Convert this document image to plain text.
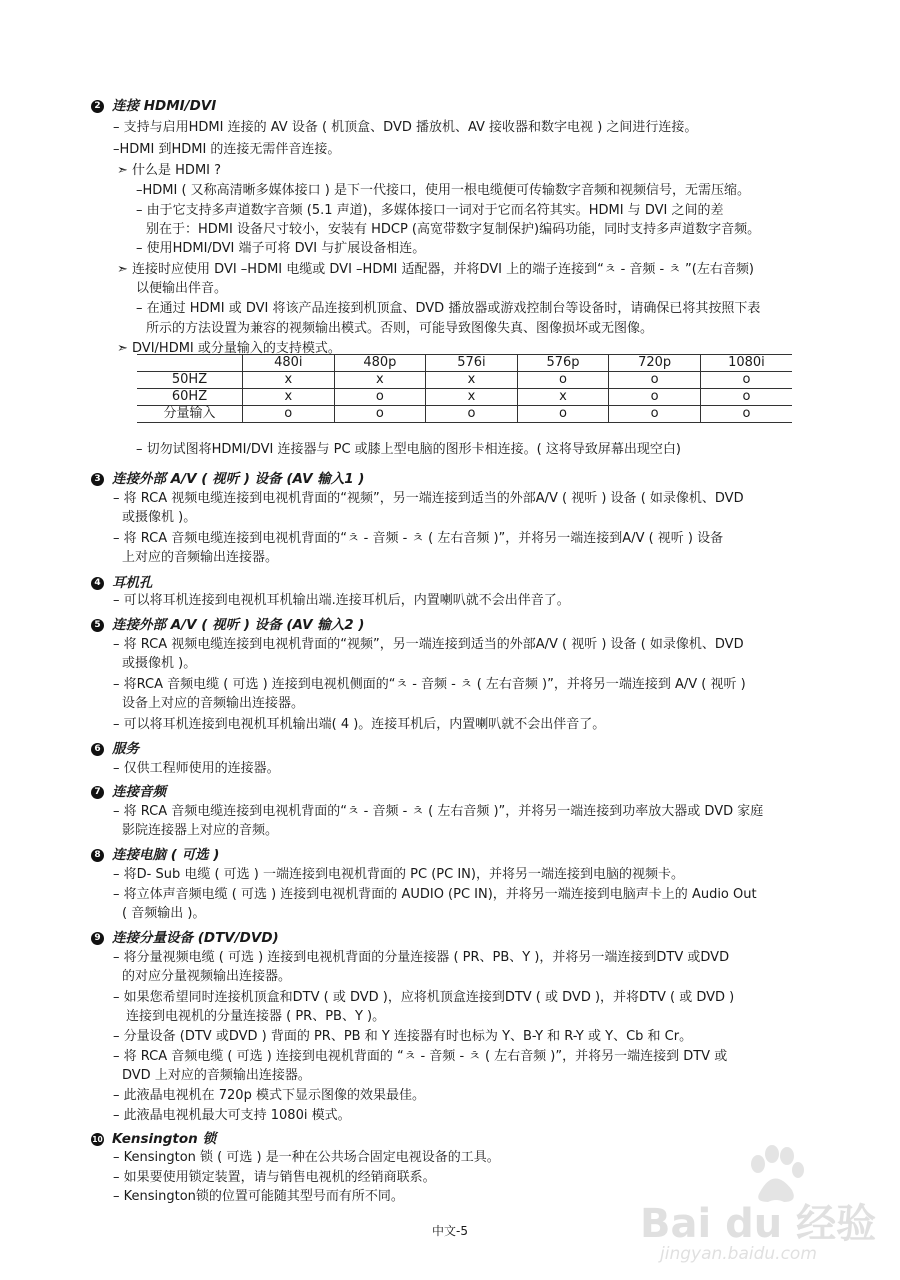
2 连接 HDMI/DVI
– 支持与启用HDMI 连接的 AV 设备 ( 机顶盒、DVD 播放机、AV 接收器和数字电视 ) 之间进行连接。
–HDMI 到HDMI 的连接无需伴音连接。
➣ 什么是 HDMI ?
–HDMI ( 又称高清晰多媒体接口 ) 是下一代接口，使用一根电缆便可传输数字音频和视频信号，无需压缩。
– 由于它支持多声道数字音频 (5.1 声道)，多媒体接口一词对于它而名符其实。HDMI 与 DVI 之间的差
别在于：HDMI 设备尺寸较小，安装有 HDCP (高宽带数字复制保护)编码功能，同时支持多声道数字音频。
– 使用HDMI/DVI 端子可将 DVI 与扩展设备相连。
➣ 连接时应使用 DVI –HDMI 电缆或 DVI –HDMI 适配器，并将DVI 上的端子连接到“ㅊ - 音频 - ㅊ ”(左右音频)
以便输出伴音。
– 在通过 HDMI 或 DVI 将该产品连接到机顶盒、DVD 播放器或游戏控制台等设备时，请确保已将其按照下表
所示的方法设置为兼容的视频输出模式。否则，可能导致图像失真、图像损坏或无图像。
➣ DVI/HDMI 或分量输入的支持模式。
– 切勿试图将HDMI/DVI 连接器与 PC 或膝上型电脑的图形卡相连接。( 这将导致屏幕出现空白)
3 连接外部 A/V ( 视听 ) 设备 (AV 输入1 )
– 将 RCA 视频电缆连接到电视机背面的“视频”，另一端连接到适当的外部A/V ( 视听 ) 设备 ( 如录像机、DVD
或摄像机 )。
– 将 RCA 音频电缆连接到电视机背面的“ㅊ - 音频 - ㅊ ( 左右音频 )”，并将另一端连接到A/V ( 视听 ) 设备
上对应的音频输出连接器。
4 耳机孔
– 可以将耳机连接到电视机耳机输出端.连接耳机后，内置喇叭就不会出伴音了。
5 连接外部 A/V ( 视听 ) 设备 (AV 输入2 )
– 将 RCA 视频电缆连接到电视机背面的“视频”，另一端连接到适当的外部A/V ( 视听 ) 设备 ( 如录像机、DVD
或摄像机 )。
– 将RCA 音频电缆 ( 可选 ) 连接到电视机侧面的“ㅊ - 音频 - ㅊ ( 左右音频 )”，并将另一端连接到 A/V ( 视听 )
设备上对应的音频输出连接器。
– 可以将耳机连接到电视机耳机输出端( 4 )。连接耳机后，内置喇叭就不会出伴音了。
6 服务
– 仅供工程师使用的连接器。
7 连接音频
– 将 RCA 音频电缆连接到电视机背面的“ㅊ - 音频 - ㅊ ( 左右音频 )”，并将另一端连接到功率放大器或 DVD 家庭
影院连接器上对应的音频。
8 连接电脑 ( 可选 )
– 将D- Sub 电缆 ( 可选 ) 一端连接到电视机背面的 PC (PC IN)，并将另一端连接到电脑的视频卡。
– 将立体声音频电缆 ( 可选 ) 连接到电视机背面的 AUDIO (PC IN)，并将另一端连接到电脑声卡上的 Audio Out
( 音频输出 )。
9 连接分量设备 (DTV/DVD)
– 将分量视频电缆 ( 可选 ) 连接到电视机背面的分量连接器 ( PR、PB、Y )，并将另一端连接到DTV 或DVD
的对应分量视频输出连接器。
– 如果您希望同时连接机顶盒和DTV ( 或 DVD )，应将机顶盒连接到DTV ( 或 DVD )，并将DTV ( 或 DVD )
连接到电视机的分量连接器 ( PR、PB、Y )。
– 分量设备 (DTV 或DVD ) 背面的 PR、PB 和 Y 连接器有时也标为 Y、B-Y 和 R-Y 或 Y、Cb 和 Cr。
– 将 RCA 音频电缆 ( 可选 ) 连接到电视机背面的 “ㅊ - 音频 - ㅊ ( 左右音频 )”，并将另一端连接到 DTV 或
DVD 上对应的音频输出连接器。
– 此液晶电视机在 720p 模式下显示图像的效果最佳。
– 此液晶电视机最大可支持 1080i 模式。
10 Kensington 锁
– Kensington 锁 ( 可选 ) 是一种在公共场合固定电视设备的工具。
– 如果要使用锁定装置，请与销售电视机的经销商联系。
– Kensington锁的位置可能随其型号而有所不同。
	480i	480p	576i	576p	720p	1080i
50HZ	x	x	x	o	o	o
60HZ	x	o	x	x	o	o
分量输入	o	o	o	o	o	o
中文-5	Bai du 经验
jingyan.baidu.com
